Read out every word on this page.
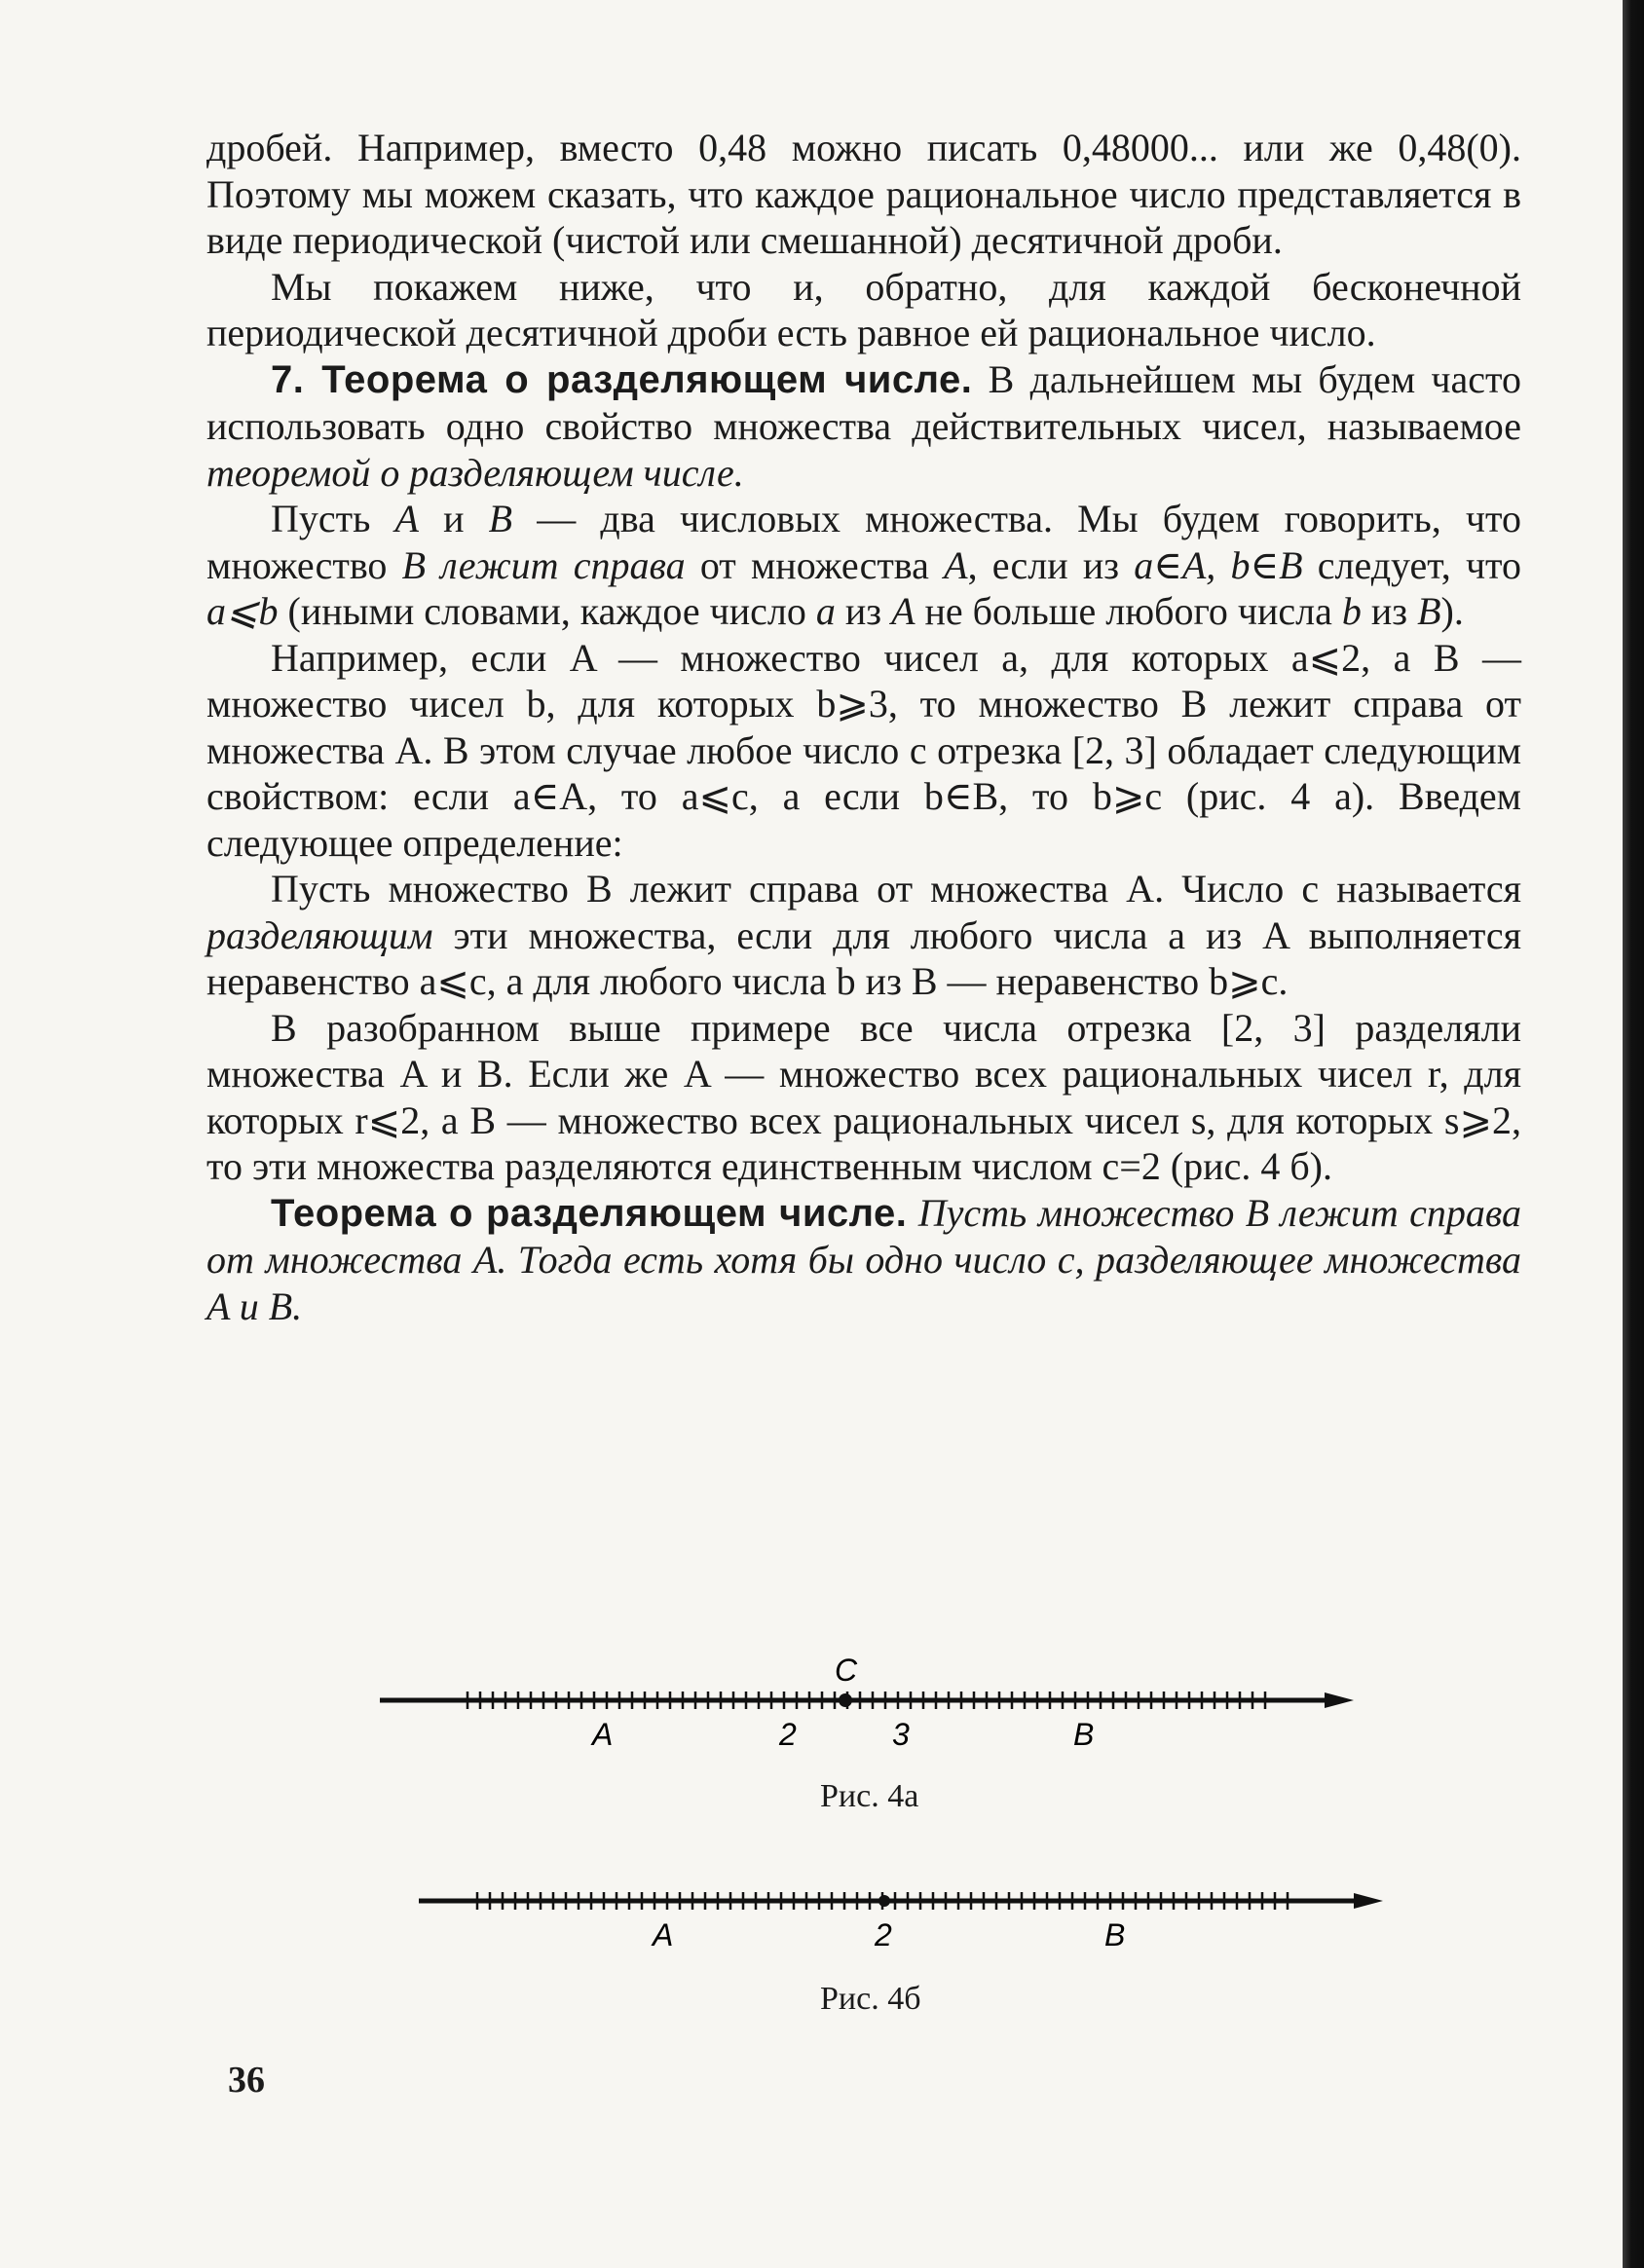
дробей. Например, вместо 0,48 можно писать 0,48000... или же 0,48(0). Поэтому мы можем сказать, что каждое рациональное число представляется в виде периодической (чистой или смешанной) десятичной дроби.

Мы покажем ниже, что и, обратно, для каждой бесконечной периодической десятичной дроби есть равное ей рациональное число.

7. Теорема о разделяющем числе. В дальнейшем мы будем часто использовать одно свойство множества действительных чисел, называемое теоремой о разделяющем числе.

Пусть A и B — два числовых множества. Мы будем говорить, что множество B лежит справа от множества A, если из a∈A, b∈B следует, что a⩽b (иными словами, каждое число a из A не больше любого числа b из B).

Например, если A — множество чисел a, для которых a⩽2, а B — множество чисел b, для которых b⩾3, то множество B лежит справа от множества A. В этом случае любое число c отрезка [2, 3] обладает следующим свойством: если a∈A, то a⩽c, а если b∈B, то b⩾c (рис. 4 a). Введем следующее определение:

Пусть множество B лежит справа от множества A. Число c называется разделяющим эти множества, если для любого числа a из A выполняется неравенство a⩽c, а для любого числа b из B — неравенство b⩾c.

В разобранном выше примере все числа отрезка [2, 3] разделяли множества A и B. Если же A — множество всех рациональных чисел r, для которых r⩽2, а B — множество всех рациональных чисел s, для которых s⩾2, то эти множества разделяются единственным числом c=2 (рис. 4 б).

Теорема о разделяющем числе. Пусть множество B лежит справа от множества A. Тогда есть хотя бы одно число c, разделяющее множества A и B.

C
A	2	3	B
Рис. 4а
A	2	B
Рис. 4б
36
